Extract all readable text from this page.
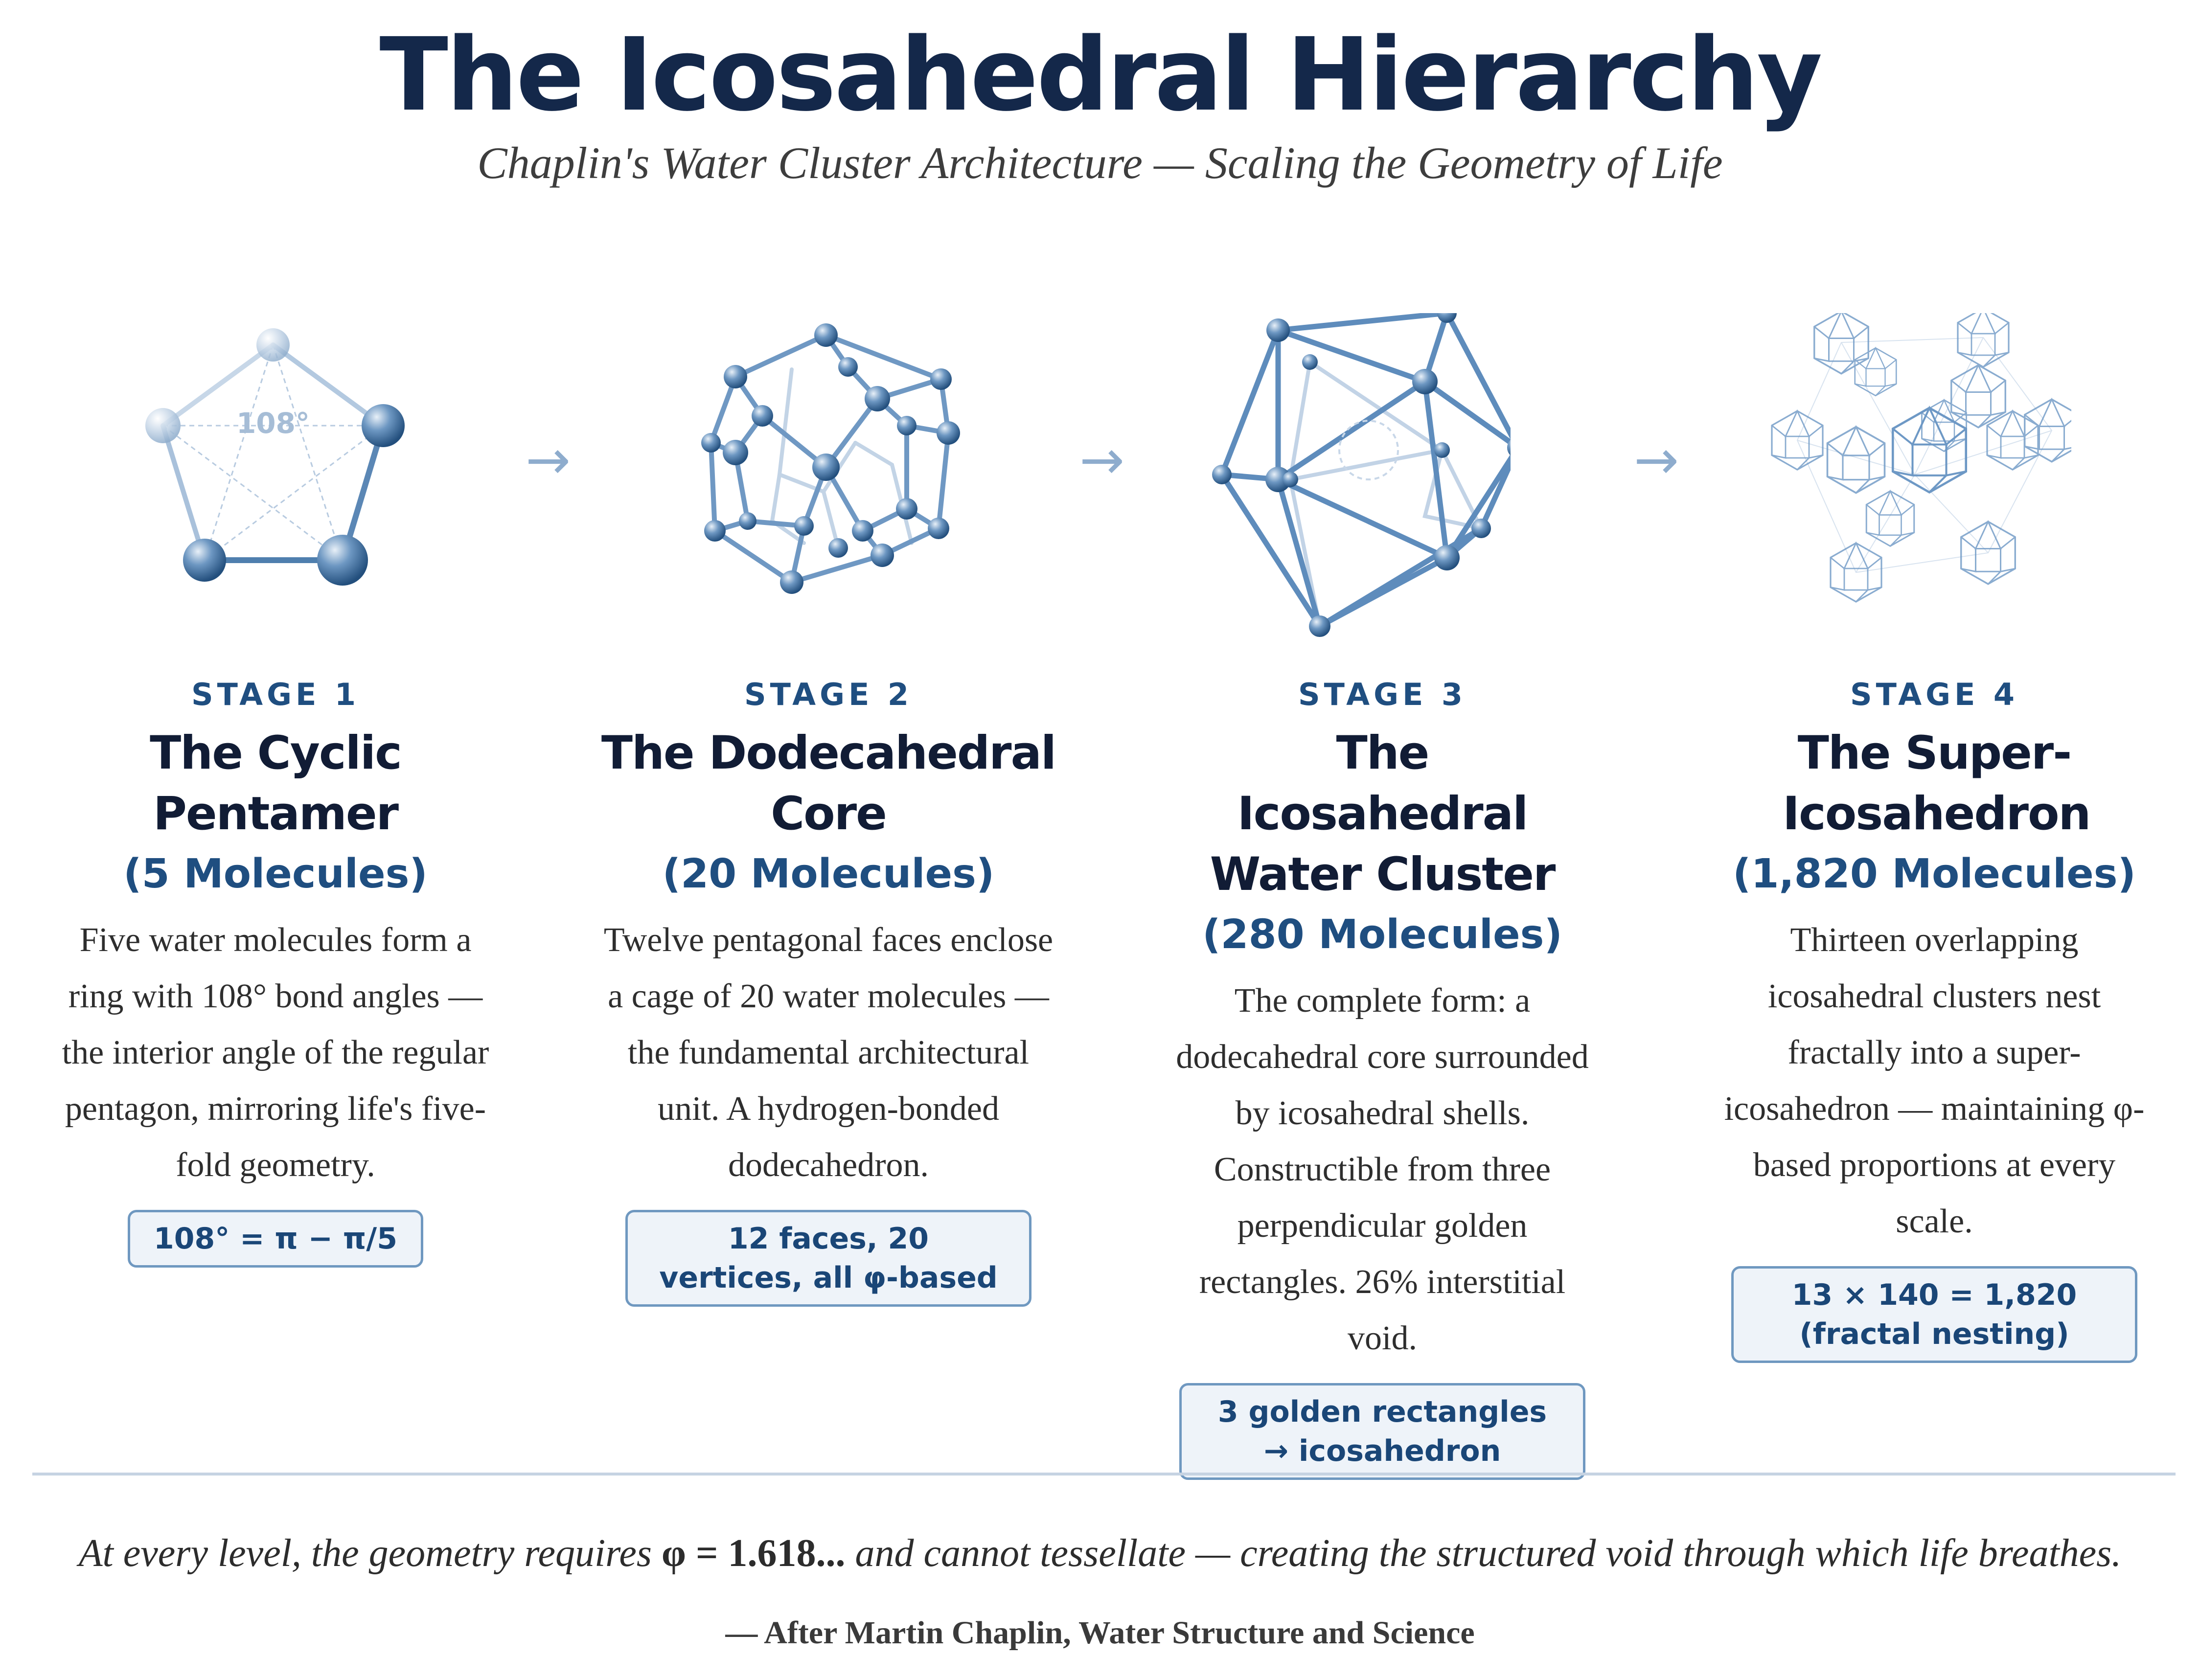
The Icosahedral Hierarchy
Chaplin's Water Cluster Architecture — Scaling the Geometry of Life
108°
→	→	→
STAGE 1
The Cyclic Pentamer
(5 Molecules)
Five water molecules form a ring with 108° bond angles — the interior angle of the regular pentagon, mirroring life's five-fold geometry.
108° = π − π/5
STAGE 2
The Dodecahedral Core
(20 Molecules)
Twelve pentagonal faces enclose a cage of 20 water molecules — the fundamental architectural unit. A hydrogen-bonded dodecahedron.
12 faces, 20 vertices, all φ-based
STAGE 3
The Icosahedral Water Cluster
(280 Molecules)
The complete form: a dodecahedral core surrounded by icosahedral shells. Constructible from three perpendicular golden rectangles. 26% interstitial void.
3 golden rectangles → icosahedron
STAGE 4
The Super-Icosahedron
(1,820 Molecules)
Thirteen overlapping icosahedral clusters nest fractally into a super-icosahedron — maintaining φ-based proportions at every scale.
13 × 140 = 1,820 (fractal nesting)
At every level, the geometry requires φ = 1.618... and cannot tessellate — creating the structured void through which life breathes.
— After Martin Chaplin, Water Structure and Science
